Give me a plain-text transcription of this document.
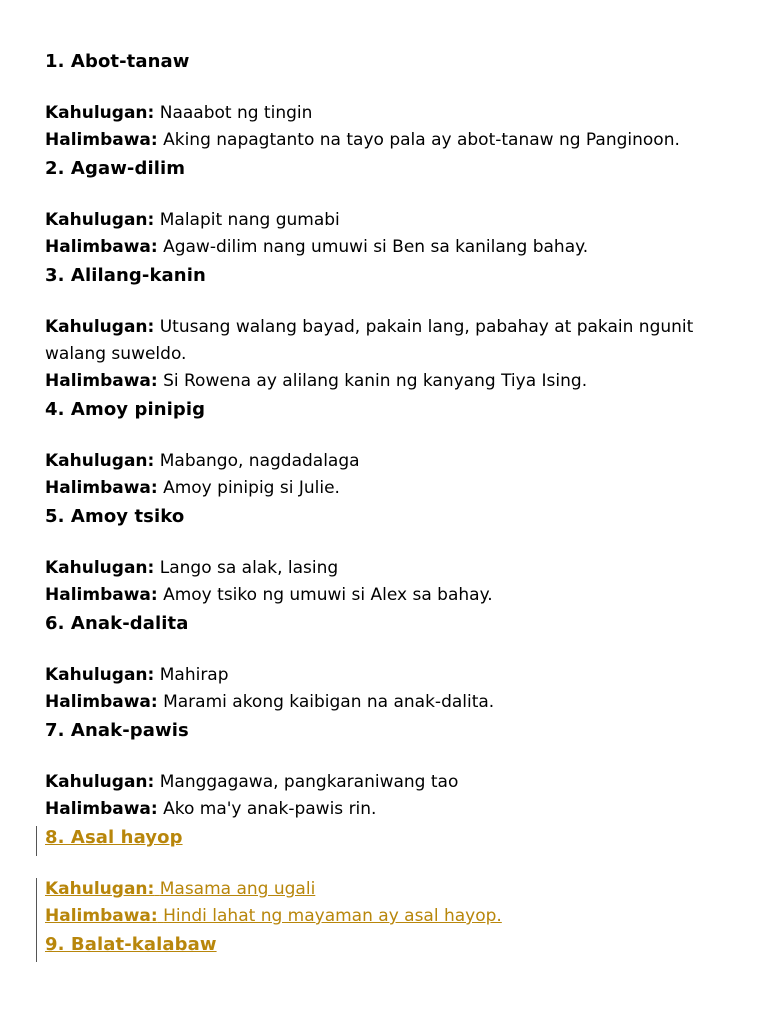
1. Abot-tanaw

Kahulugan: Naaabot ng tingin

Halimbawa: Aking napagtanto na tayo pala ay abot-tanaw ng Panginoon.

2. Agaw-dilim

Kahulugan: Malapit nang gumabi

Halimbawa: Agaw-dilim nang umuwi si Ben sa kanilang bahay.

3. Alilang-kanin

Kahulugan: Utusang walang bayad, pakain lang, pabahay at pakain ngunit walang suweldo.

Halimbawa: Si Rowena ay alilang kanin ng kanyang Tiya Ising.

4. Amoy pinipig

Kahulugan: Mabango, nagdadalaga

Halimbawa: Amoy pinipig si Julie.

5. Amoy tsiko

Kahulugan: Lango sa alak, lasing

Halimbawa: Amoy tsiko ng umuwi si Alex sa bahay.

6. Anak-dalita

Kahulugan: Mahirap

Halimbawa: Marami akong kaibigan na anak-dalita.

7. Anak-pawis

Kahulugan: Manggagawa, pangkaraniwang tao

Halimbawa: Ako ma'y anak-pawis rin.

8. Asal hayop

Kahulugan: Masama ang ugali

Halimbawa: Hindi lahat ng mayaman ay asal hayop.

9. Balat-kalabaw
